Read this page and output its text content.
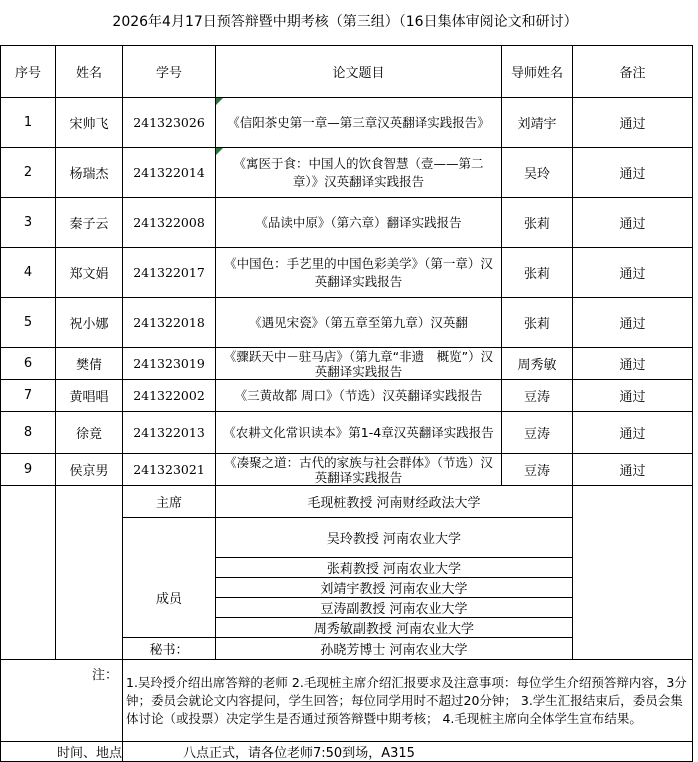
2026年4月17日预答辩暨中期考核（第三组）（16日集体审阅论文和研讨）
序号	姓名	学号	论文题目	导师姓名	备注
1	宋帅飞	241323026	《信阳茶史第一章—第三章汉英翻译实践报告》	刘靖宇	通过
2	杨瑞杰	241322014	《寓医于食：中国人的饮食智慧（壹——第二章）》汉英翻译实践报告	吴玲	通过
3	秦子云	241322008	《品读中原》（第六章）翻译实践报告	张莉	通过
4	郑文娟	241322017	《中国色：手艺里的中国色彩美学》（第一章）汉英翻译实践报告	张莉	通过
5	祝小娜	241322018	《遇见宋瓷》（第五章至第九章）汉英翻	张莉	通过
6	樊倩	241323019	《骤跃天中－驻马店》（第九章“非遗　概览”）汉英翻译实践报告	周秀敏	通过
7	黄唱唱	241322002	《三黄故都 周口》（节选）汉英翻译实践报告	豆涛	通过
8	徐竟	241322013	《农耕文化常识读本》第1-4章汉英翻译实践报告	豆涛	通过
9	侯京男	241323021	《凑聚之道：古代的家族与社会群体》（节选）汉英翻译实践报告	豆涛	通过
		主席	毛现桩教授 河南财经政法大学		
			吴玲教授 河南农业大学		
		成员	张莉教授 河南农业大学		
			刘靖宇教授 河南农业大学		
			豆涛副教授 河南农业大学		
			周秀敏副教授 河南农业大学		
		秘书：	孙晓芳博士 河南农业大学		
注：		1.吴玲授介绍出席答辩的老师 2.毛现桩主席介绍汇报要求及注意事项：每位学生介绍预答辩内容，3分钟；委员会就论文内容提问，学生回答；每位同学用时不超过20分钟； 3.学生汇报结束后，委员会集体讨论（或投票）决定学生是否通过预答辩暨中期考核； 4.毛现桩主席向全体学生宣布结果。			
时间、地点		八点正式，请各位老师7:50到场，A315			
